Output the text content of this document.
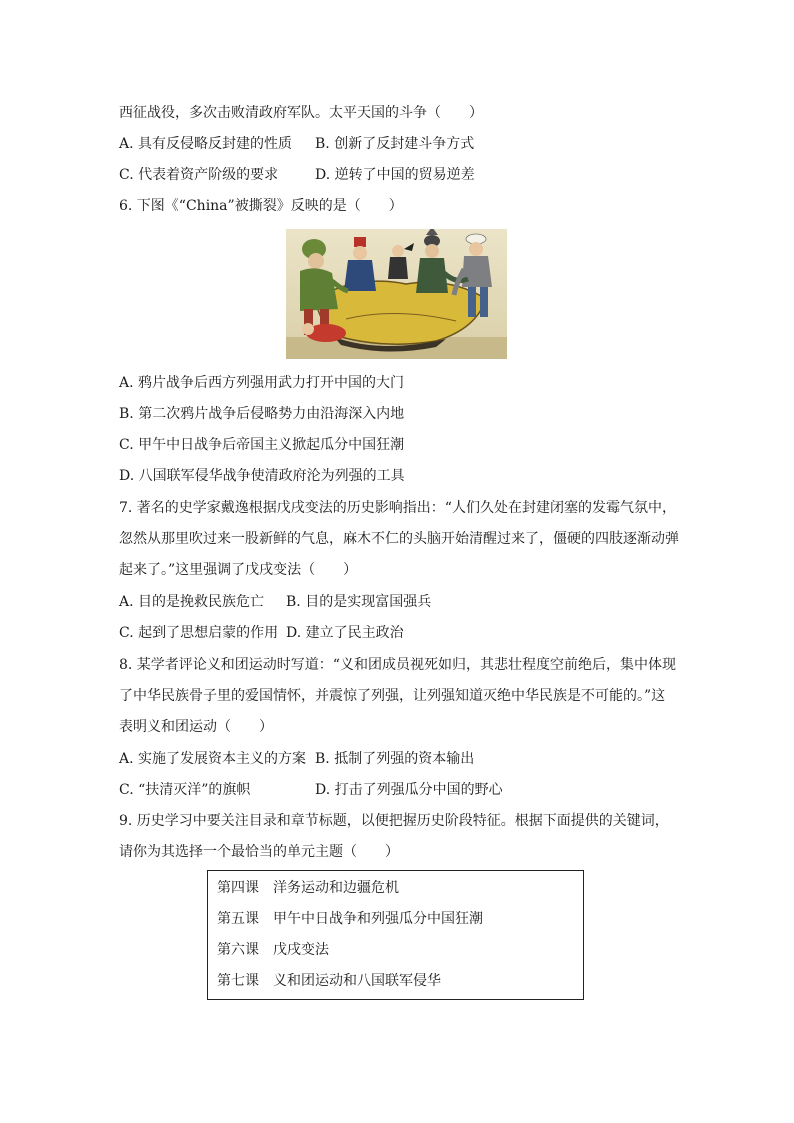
西征战役，多次击败清政府军队。太平天国的斗争（　　）
A. 具有反侵略反封建的性质 B. 创新了反封建斗争方式
C. 代表着资产阶级的要求	D. 逆转了中国的贸易逆差
6. 下图《“China”被撕裂》反映的是（　　）
A. 鸦片战争后西方列强用武力打开中国的大门
B. 第二次鸦片战争后侵略势力由沿海深入内地
C. 甲午中日战争后帝国主义掀起瓜分中国狂潮
D. 八国联军侵华战争使清政府沦为列强的工具
7. 著名的史学家戴逸根据戊戌变法的历史影响指出：“人们久处在封建闭塞的发霉气氛中，
忽然从那里吹过来一股新鲜的气息，麻木不仁的头脑开始清醒过来了，僵硬的四肢逐渐动弹
起来了。”这里强调了戊戌变法（　　）
A. 目的是挽救民族危亡 B. 目的是实现富国强兵
C. 起到了思想启蒙的作用 D. 建立了民主政治
8. 某学者评论义和团运动时写道：“义和团成员视死如归，其悲壮程度空前绝后，集中体现
了中华民族骨子里的爱国情怀，并震惊了列强，让列强知道灭绝中华民族是不可能的。”这
表明义和团运动（　　）
A. 实施了发展资本主义的方案 B. 抵制了列强的资本输出
C. “扶清灭洋”的旗帜	D. 打击了列强瓜分中国的野心
9. 历史学习中要关注目录和章节标题，以便把握历史阶段特征。根据下面提供的关键词，
请你为其选择一个最恰当的单元主题（　　）
第四课　洋务运动和边疆危机
第五课　甲午中日战争和列强瓜分中国狂潮
第六课　戊戌变法
第七课　义和团运动和八国联军侵华
